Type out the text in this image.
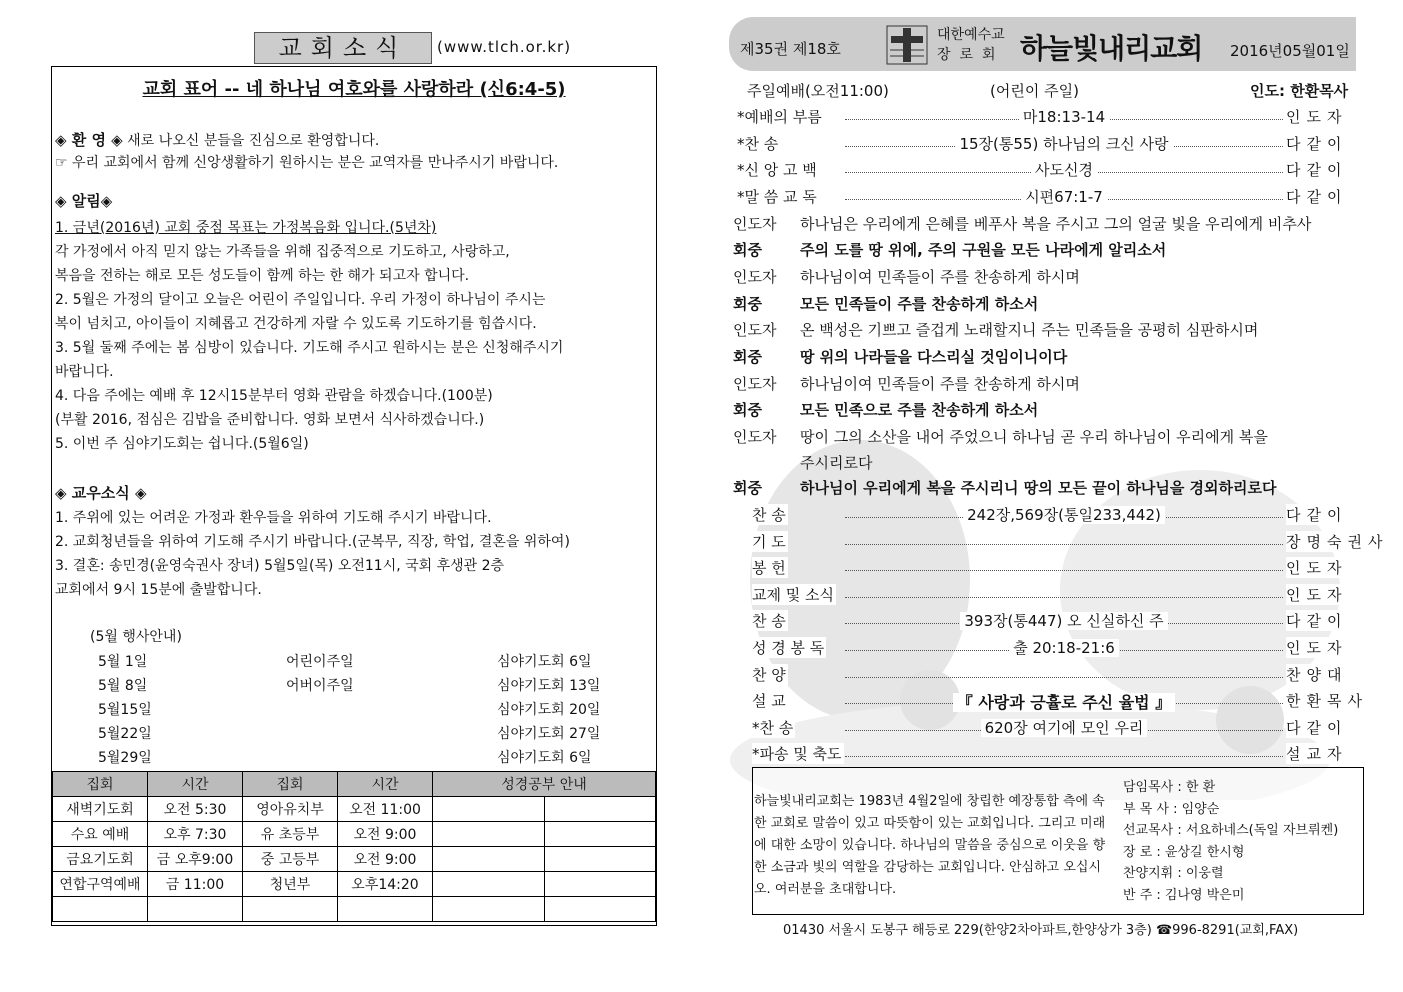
교회소식	(www.tlch.or.kr)
교회 표어 -- 네 하나님 여호와를 사랑하라 (신6:4-5)
◈ 환 영 ◈ 새로 나오신 분들을 진심으로 환영합니다.
☞ 우리 교회에서 함께 신앙생활하기 원하시는 분은 교역자를 만나주시기 바랍니다.
◈ 알림◈
1. 금년(2016년) 교회 중점 목표는 가정복음화 입니다.(5년차)
각 가정에서 아직 믿지 않는 가족들을 위해 집중적으로 기도하고, 사랑하고,
복음을 전하는 해로 모든 성도들이 함께 하는 한 해가 되고자 합니다.
2. 5월은 가정의 달이고 오늘은 어린이 주일입니다. 우리 가정이 하나님이 주시는
복이 넘치고, 아이들이 지혜롭고 건강하게 자랄 수 있도록 기도하기를 힘씁시다.
3. 5월 둘째 주에는 봄 심방이 있습니다. 기도해 주시고 원하시는 분은 신청해주시기
바랍니다.
4. 다음 주에는 예배 후 12시15분부터 영화 관람을 하겠습니다.(100분)
(부활 2016, 점심은 김밥을 준비합니다. 영화 보면서 식사하겠습니다.)
5. 이번 주 심야기도회는 쉽니다.(5월6일)
◈ 교우소식 ◈
1. 주위에 있는 어려운 가정과 환우들을 위하여 기도해 주시기 바랍니다.
2. 교회청년들을 위하여 기도해 주시기 바랍니다.(군복무, 직장, 학업, 결혼을 위하여)
3. 결혼: 송민경(윤영숙권사 장녀) 5월5일(목) 오전11시, 국회 후생관 2층
교회에서 9시 15분에 출발합니다.
(5월 행사안내)
5월 1일	어린이주일	심야기도회 6일
5월 8일	어버이주일	심야기도회 13일
5월15일	심야기도회 20일
5월22일	심야기도회 27일
5월29일	심야기도회 6일
집회	시간	집회	시간	성경공부 안내	
새벽기도회	오전 5:30	영아유치부	오전 11:00		
수요 예배	오후 7:30	유 초등부	오전 9:00		
금요기도회	금 오후9:00	중 고등부	오전 9:00		
연합구역예배	금 11:00	청년부	오후14:20		

제35권 제18호
대한예수교
장로회 하늘빛내리교회 2016년05월01일
주일예배(오전11:00)	(어린이 주일)	인도: 한환목사
*예배의 부름	마18:13-14	인도자
*찬 송	15장(통55) 하나님의 크신 사랑	다같이
*신 앙 고 백	사도신경	다같이
*말 씀 교 독	시편67:1-7	다같이
인도자 하나님은 우리에게 은혜를 베푸사 복을 주시고 그의 얼굴 빛을 우리에게 비추사
회중	주의 도를 땅 위에, 주의 구원을 모든 나라에게 알리소서
인도자 하나님이여 민족들이 주를 찬송하게 하시며
회중	모든 민족들이 주를 찬송하게 하소서
인도자 온 백성은 기쁘고 즐겁게 노래할지니 주는 민족들을 공평히 심판하시며
회중	땅 위의 나라들을 다스리실 것임이니이다
인도자 하나님이여 민족들이 주를 찬송하게 하시며
회중	모든 민족으로 주를 찬송하게 하소서
인도자 땅이 그의 소산을 내어 주었으니 하나님 곧 우리 하나님이 우리에게 복을
주시리로다
회중	하나님이 우리에게 복을 주시리니 땅의 모든 끝이 하나님을 경외하리로다
찬 송	242장,569장(통일233,442)	다같이
기 도	장명숙권사
봉 헌	인도자
교제 및 소식	인도자
찬 송	393장(통447) 오 신실하신 주	다같이
성 경 봉 독	출 20:18-21:6	인도자
찬 양	찬양대
설 교	『 사랑과 긍휼로 주신 율법 』	한환목사
*찬 송	620장 여기에 모인 우리	다같이
*파송 및 축도	설교자
하늘빛내리교회는 1983년 4월2일에 창립한 예장통합 측에 속한 교회로 말씀이 있고 따뜻함이 있는 교회입니다. 그리고 미래에 대한 소망이 있습니다. 하나님의 말씀을 중심으로 이웃을 향한 소금과 빛의 역할을 감당하는 교회입니다. 안심하고 오십시오. 여러분을 초대합니다.
담임목사 : 한 환
부 목 사 : 임양순
선교목사 : 서요하네스(독일 자브뤼켄)
장 로 : 윤상길 한시형
찬양지휘 : 이웅렬
반 주 : 김나영 박은미
01430 서울시 도봉구 해등로 229(한양2차아파트,한양상가 3층) ☎996-8291(교회,FAX)
